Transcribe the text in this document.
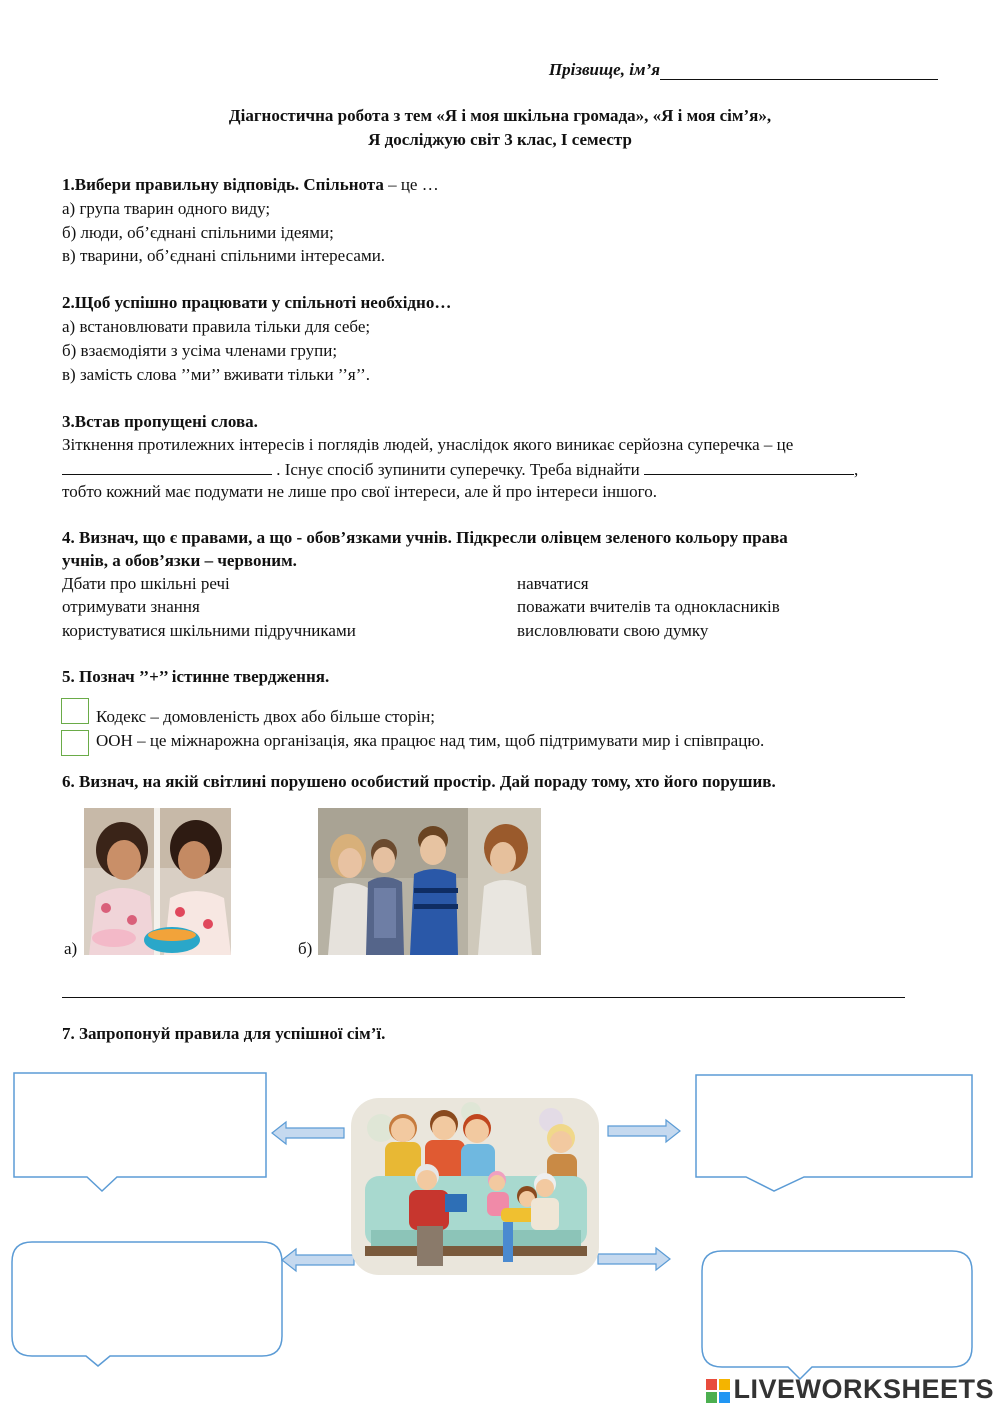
Прізвище, ім’я
Діагностична робота з тем «Я і моя шкільна громада», «Я і моя сім’я»,
Я досліджую світ 3 клас, I семестр
1.Вибери правильну відповідь. Спільнота – це …
а) група тварин одного виду;
б) люди, об’єднані спільними ідеями;
в) тварини, об’єднані спільними інтересами.
2.Щоб успішно працювати у спільноті необхідно…
а) встановлювати правила тільки для себе;
б) взаємодіяти з усіма членами групи;
в) замість слова ’’ми’’ вживати тільки ’’я’’.
3.Встав пропущені слова.
Зіткнення протилежних інтересів і поглядів людей, унаслідок якого виникає серйозна суперечка – це
. Існує спосіб зупинити суперечку. Треба віднайти	,
тобто кожний має подумати не лише про свої інтереси, але й про інтереси іншого.
4. Визнач, що є правами, а що - обов’язками учнів. Підкресли олівцем зеленого кольору права
учнів, а обов’язки – червоним.
Дбати про шкільні речі
отримувати знання
користуватися шкільними підручниками
навчатися
поважати вчителів та однокласників
висловлювати свою думку
5. Познач ’’+’’ істинне твердження.
Кодекс – домовленість двох або більше сторін;
ООН – це міжнарожна організація, яка працює над тим, щоб підтримувати мир і співпрацю.
6. Визнач, на якій світлині порушено особистий простір. Дай пораду тому, хто його порушив.
а)	б)
7. Запропонуй правила для успішної сім’ї.
LIVEWORKSHEETS
